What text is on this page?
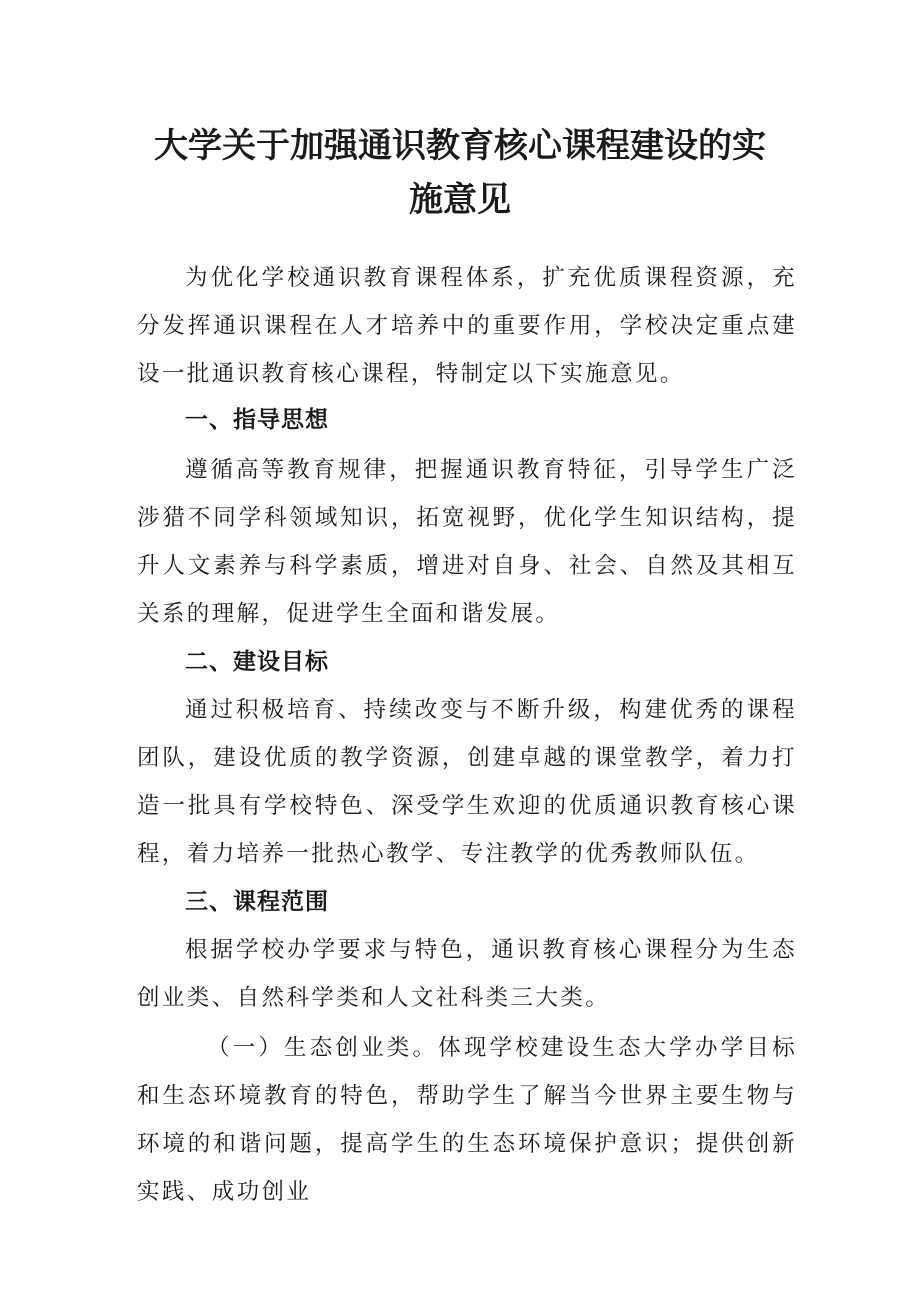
大学关于加强通识教育核心课程建设的实
施意见

为优化学校通识教育课程体系，扩充优质课程资源，充分发挥通识课程在人才培养中的重要作用，学校决定重点建设一批通识教育核心课程，特制定以下实施意见。

一、指导思想

遵循高等教育规律，把握通识教育特征，引导学生广泛涉猎不同学科领域知识，拓宽视野，优化学生知识结构，提升人文素养与科学素质，增进对自身、社会、自然及其相互关系的理解，促进学生全面和谐发展。

二、建设目标

通过积极培育、持续改变与不断升级，构建优秀的课程团队，建设优质的教学资源，创建卓越的课堂教学，着力打造一批具有学校特色、深受学生欢迎的优质通识教育核心课程，着力培养一批热心教学、专注教学的优秀教师队伍。

三、课程范围

根据学校办学要求与特色，通识教育核心课程分为生态创业类、自然科学类和人文社科类三大类。

（一）生态创业类。体现学校建设生态大学办学目标和生态环境教育的特色，帮助学生了解当今世界主要生物与环境的和谐问题，提高学生的生态环境保护意识；提供创新实践、成功创业
